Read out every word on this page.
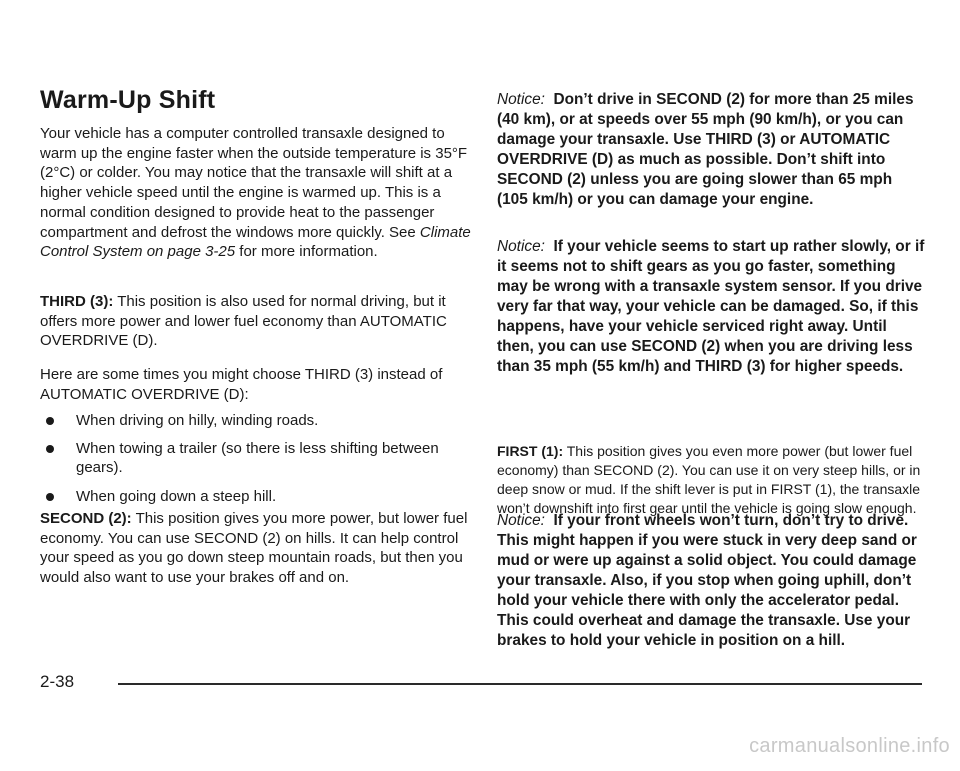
Warm-Up Shift

Your vehicle has a computer controlled transaxle designed to warm up the engine faster when the outside temperature is 35°F (2°C) or colder. You may notice that the transaxle will shift at a higher vehicle speed until the engine is warmed up. This is a normal condition designed to provide heat to the passenger compartment and defrost the windows more quickly. See Climate Control System on page 3-25 for more information.

THIRD (3): This position is also used for normal driving, but it offers more power and lower fuel economy than AUTOMATIC OVERDRIVE (D).

Here are some times you might choose THIRD (3) instead of AUTOMATIC OVERDRIVE (D):

When driving on hilly, winding roads.
When towing a trailer (so there is less shifting between gears).
When going down a steep hill.

SECOND (2): This position gives you more power, but lower fuel economy. You can use SECOND (2) on hills. It can help control your speed as you go down steep mountain roads, but then you would also want to use your brakes off and on.

Notice: Don’t drive in SECOND (2) for more than 25 miles (40 km), or at speeds over 55 mph (90 km/h), or you can damage your transaxle. Use THIRD (3) or AUTOMATIC OVERDRIVE (D) as much as possible. Don’t shift into SECOND (2) unless you are going slower than 65 mph (105 km/h) or you can damage your engine.

Notice: If your vehicle seems to start up rather slowly, or if it seems not to shift gears as you go faster, something may be wrong with a transaxle system sensor. If you drive very far that way, your vehicle can be damaged. So, if this happens, have your vehicle serviced right away. Until then, you can use SECOND (2) when you are driving less than 35 mph (55 km/h) and THIRD (3) for higher speeds.

FIRST (1): This position gives you even more power (but lower fuel economy) than SECOND (2). You can use it on very steep hills, or in deep snow or mud. If the shift lever is put in FIRST (1), the transaxle won’t downshift into first gear until the vehicle is going slow enough.

Notice: If your front wheels won’t turn, don’t try to drive. This might happen if you were stuck in very deep sand or mud or were up against a solid object. You could damage your transaxle. Also, if you stop when going uphill, don’t hold your vehicle there with only the accelerator pedal. This could overheat and damage the transaxle. Use your brakes to hold your vehicle in position on a hill.

2-38
carmanualsonline.info
